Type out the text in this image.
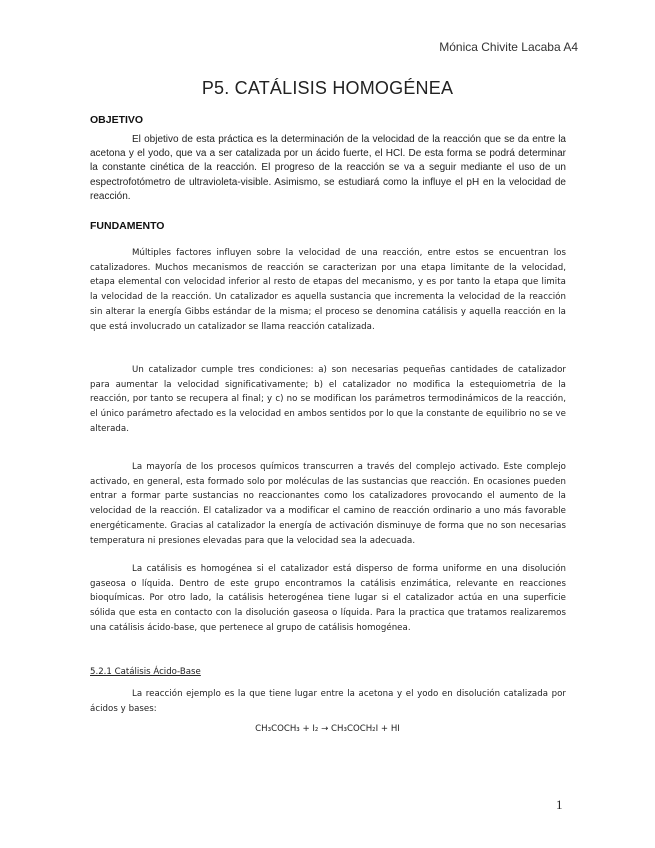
Mónica Chivite Lacaba A4
P5. CATÁLISIS HOMOGÉNEA
OBJETIVO

El objetivo de esta práctica es la determinación de la velocidad de la reacción que se da entre la acetona y el yodo, que va a ser catalizada por un ácido fuerte, el HCl. De esta forma se podrá determinar la constante cinética de la reacción. El progreso de la reacción se va a seguir mediante el uso de un espectrofotómetro de ultravioleta-visible. Asimismo, se estudiará como la influye el pH en la velocidad de reacción.

FUNDAMENTO

Múltiples factores influyen sobre la velocidad de una reacción, entre estos se encuentran los catalizadores. Muchos mecanismos de reacción se caracterizan por una etapa limitante de la velocidad, etapa elemental con velocidad inferior al resto de etapas del mecanismo, y es por tanto la etapa que limita la velocidad de la reacción. Un catalizador es aquella sustancia que incrementa la velocidad de la reacción sin alterar la energía Gibbs estándar de la misma; el proceso se denomina catálisis y aquella reacción en la que está involucrado un catalizador se llama reacción catalizada.

Un catalizador cumple tres condiciones: a) son necesarias pequeñas cantidades de catalizador para aumentar la velocidad significativamente; b) el catalizador no modifica la estequiometria de la reacción, por tanto se recupera al final; y c) no se modifican los parámetros termodinámicos de la reacción, el único parámetro afectado es la velocidad en ambos sentidos por lo que la constante de equilibrio no se ve alterada.

La mayoría de los procesos químicos transcurren a través del complejo activado. Este complejo activado, en general, esta formado solo por moléculas de las sustancias que reacción. En ocasiones pueden entrar a formar parte sustancias no reaccionantes como los catalizadores provocando el aumento de la velocidad de la reacción. El catalizador va a modificar el camino de reacción ordinario a uno más favorable energéticamente. Gracias al catalizador la energía de activación disminuye de forma que no son necesarias temperatura ni presiones elevadas para que la velocidad sea la adecuada.

La catálisis es homogénea si el catalizador está disperso de forma uniforme en una disolución gaseosa o líquida. Dentro de este grupo encontramos la catálisis enzimática, relevante en reacciones bioquímicas. Por otro lado, la catálisis heterogénea tiene lugar si el catalizador actúa en una superficie sólida que esta en contacto con la disolución gaseosa o líquida. Para la practica que tratamos realizaremos una catálisis ácido-base, que pertenece al grupo de catálisis homogénea.

5.2.1 Catálisis Ácido-Base

La reacción ejemplo es la que tiene lugar entre la acetona y el yodo en disolución catalizada por ácidos y bases:

CH₃COCH₃ + I₂ → CH₃COCH₂I + HI
1
